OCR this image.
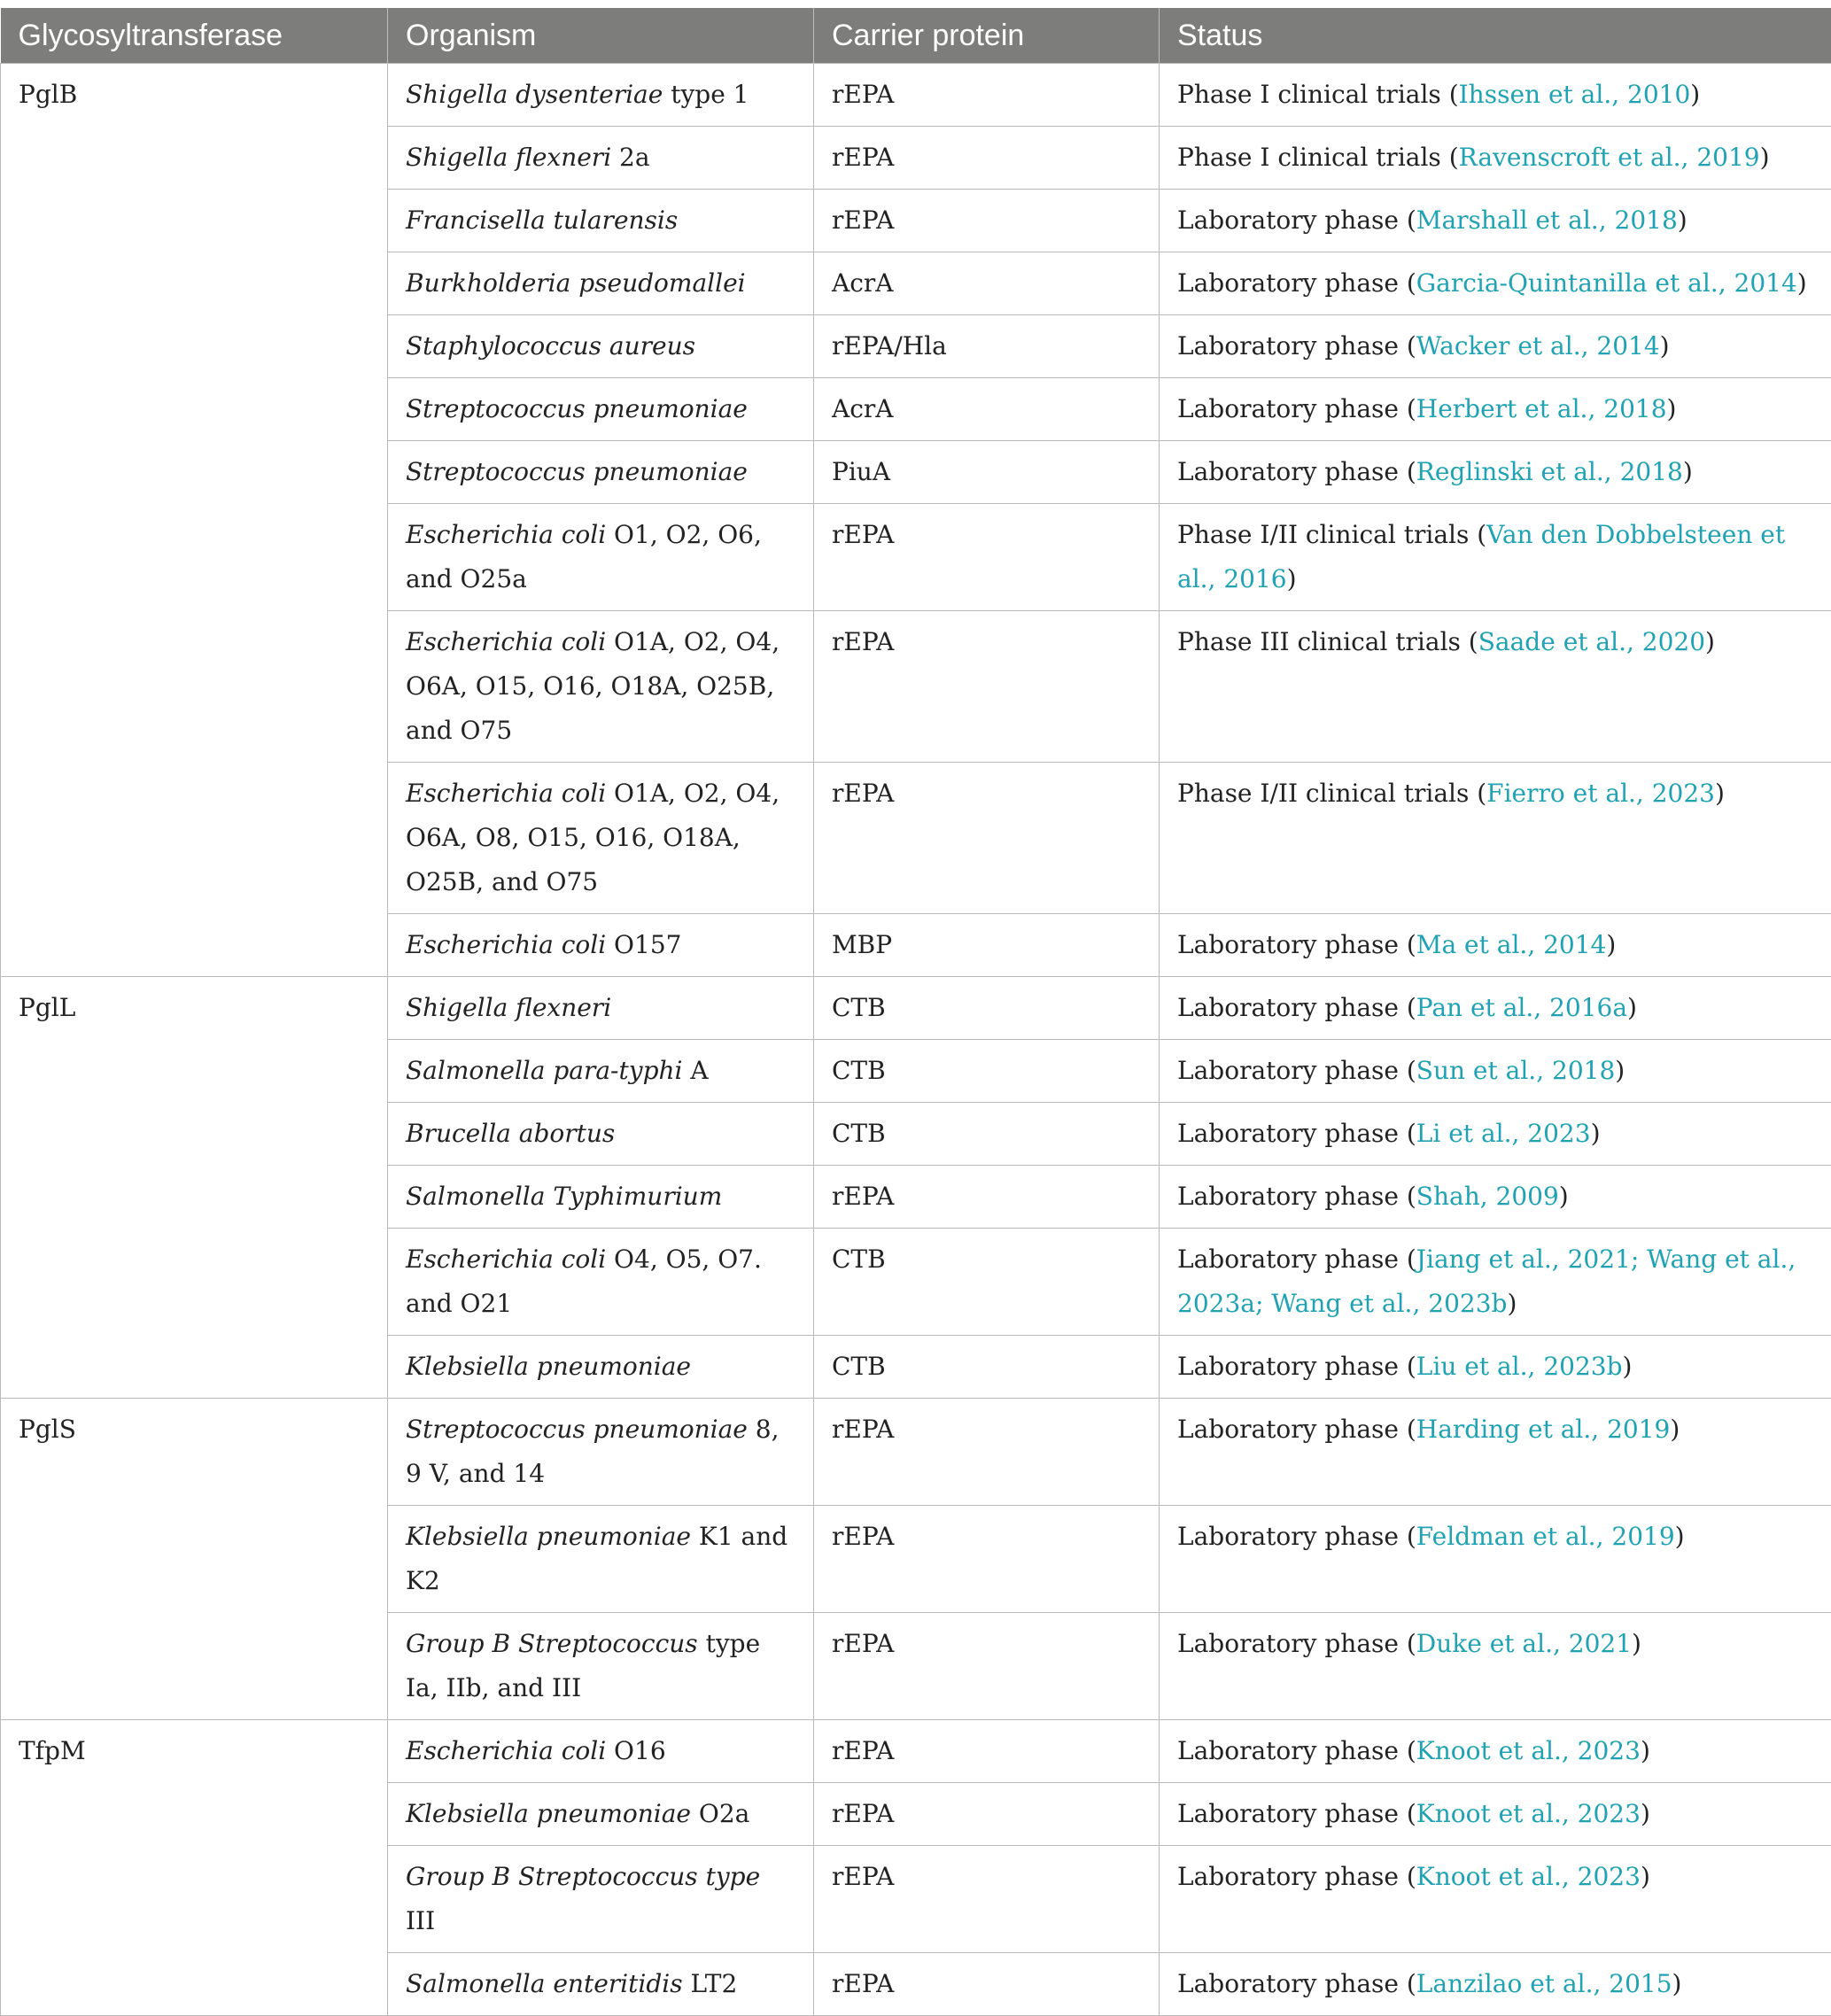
Glycosyltransferase	Organism	Carrier protein	Status
PglB	Shigella dysenteriae type 1	rEPA	Phase I clinical trials (Ihssen et al., 2010)
	Shigella flexneri 2a	rEPA	Phase I clinical trials (Ravenscroft et al., 2019)
	Francisella tularensis	rEPA	Laboratory phase (Marshall et al., 2018)
	Burkholderia pseudomallei	AcrA	Laboratory phase (Garcia-Quintanilla et al., 2014)
	Staphylococcus aureus	rEPA/Hla	Laboratory phase (Wacker et al., 2014)
	Streptococcus pneumoniae	AcrA	Laboratory phase (Herbert et al., 2018)
	Streptococcus pneumoniae	PiuA	Laboratory phase (Reglinski et al., 2018)
	Escherichia coli O1, O2, O6, and O25a	rEPA	Phase I/II clinical trials (Van den Dobbelsteen et al., 2016)
	Escherichia coli O1A, O2, O4, O6A, O15, O16, O18A, O25B, and O75	rEPA	Phase III clinical trials (Saade et al., 2020)
	Escherichia coli O1A, O2, O4, O6A, O8, O15, O16, O18A, O25B, and O75	rEPA	Phase I/II clinical trials (Fierro et al., 2023)
	Escherichia coli O157	MBP	Laboratory phase (Ma et al., 2014)
PglL	Shigella flexneri	CTB	Laboratory phase (Pan et al., 2016a)
	Salmonella para-typhi A	CTB	Laboratory phase (Sun et al., 2018)
	Brucella abortus	CTB	Laboratory phase (Li et al., 2023)
	Salmonella Typhimurium	rEPA	Laboratory phase (Shah, 2009)
	Escherichia coli O4, O5, O7. and O21	CTB	Laboratory phase (Jiang et al., 2021; Wang et al., 2023a; Wang et al., 2023b)
	Klebsiella pneumoniae	CTB	Laboratory phase (Liu et al., 2023b)
PglS	Streptococcus pneumoniae 8, 9 V, and 14	rEPA	Laboratory phase (Harding et al., 2019)
	Klebsiella pneumoniae K1 and K2	rEPA	Laboratory phase (Feldman et al., 2019)
	Group B Streptococcus type Ia, IIb, and III	rEPA	Laboratory phase (Duke et al., 2021)
TfpM	Escherichia coli O16	rEPA	Laboratory phase (Knoot et al., 2023)
	Klebsiella pneumoniae O2a	rEPA	Laboratory phase (Knoot et al., 2023)
	Group B Streptococcus type III	rEPA	Laboratory phase (Knoot et al., 2023)
	Salmonella enteritidis LT2	rEPA	Laboratory phase (Lanzilao et al., 2015)
